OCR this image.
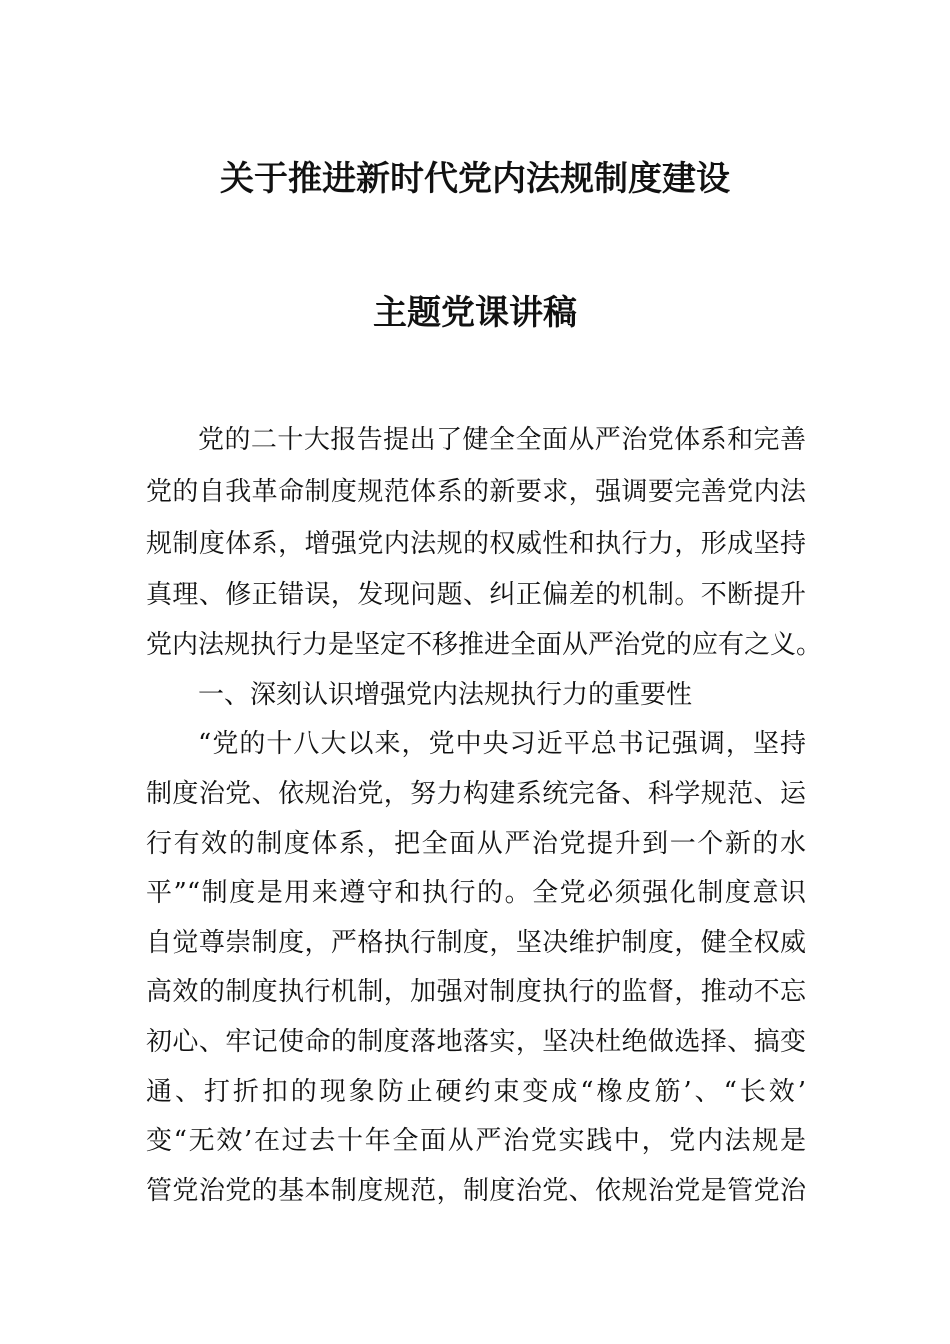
关于推进新时代党内法规制度建设
主题党课讲稿

党的二十大报告提出了健全全面从严治党体系和完善

党的自我革命制度规范体系的新要求，强调要完善党内法

规制度体系，增强党内法规的权威性和执行力，形成坚持

真理、修正错误，发现问题、纠正偏差的机制。不断提升

党内法规执行力是坚定不移推进全面从严治党的应有之义。

一、深刻认识增强党内法规执行力的重要性

“党的十八大以来，党中央习近平总书记强调，坚持

制度治党、依规治党，努力构建系统完备、科学规范、运

行有效的制度体系，把全面从严治党提升到一个新的水

平”“制度是用来遵守和执行的。全党必须强化制度意识

自觉尊崇制度，严格执行制度，坚决维护制度，健全权威

高效的制度执行机制，加强对制度执行的监督，推动不忘

初心、牢记使命的制度落地落实，坚决杜绝做选择、搞变

通、打折扣的现象防止硬约束变成“橡皮筋’、“长效’

变“无效’在过去十年全面从严治党实践中，党内法规是

管党治党的基本制度规范，制度治党、依规治党是管党治
